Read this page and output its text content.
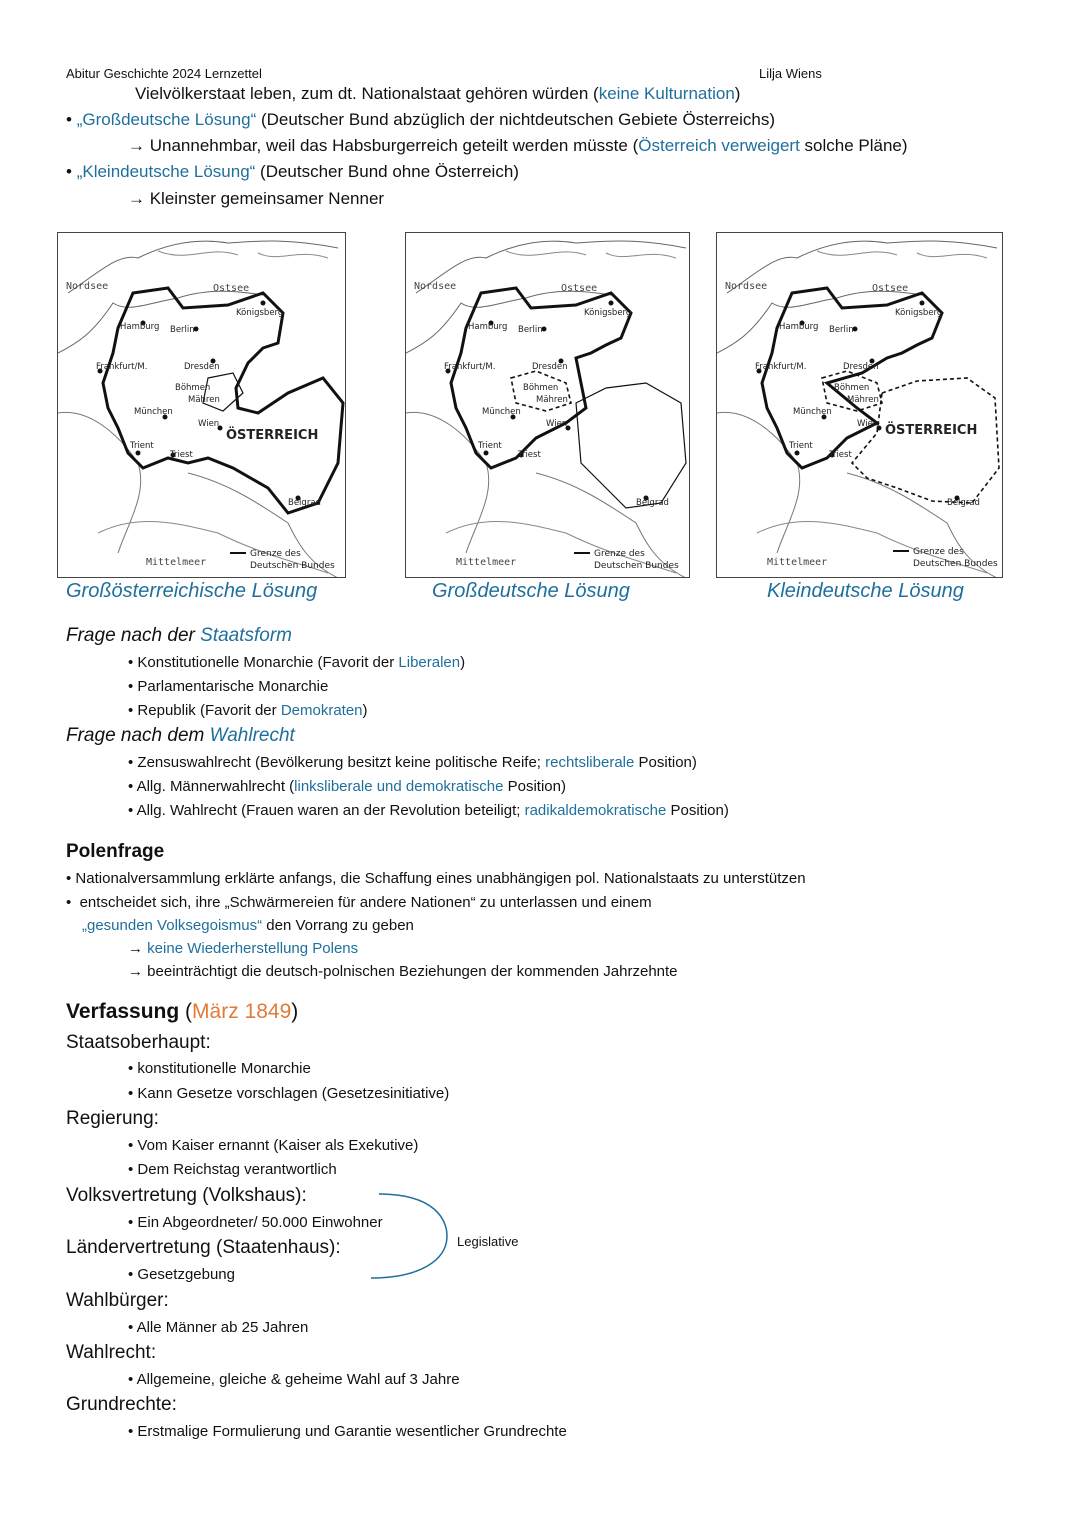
Abitur Geschichte 2024 Lernzettel	Lilja Wiens
Vielvölkerstaat leben, zum dt. Nationalstaat gehören würden (keine Kulturnation)
• „Großdeutsche Lösung“ (Deutscher Bund abzüglich der nichtdeutschen Gebiete Österreichs)
→ Unannehmbar, weil das Habsburgerreich geteilt werden müsste (Österreich verweigert solche Pläne)
• „Kleindeutsche Lösung“ (Deutscher Bund ohne Österreich)
→ Kleinster gemeinsamer Nenner
Nordsee	Ostsee
Mittelmeer
Königsberg
Hamburg Berlin
Frankfurt/M.	Dresden
Böhmen
Mähren
München
Wien
Trient
Triest
Belgrad
ÖSTERREICH
Grenze des
Deutschen Bundes
Nordsee	Ostsee
Mittelmeer
Königsberg
Hamburg Berlin
Frankfurt/M.	Dresden
Böhmen
Mähren
München
Wien
Trient
Triest
Belgrad
Grenze des
Deutschen Bundes
Nordsee	Ostsee
Mittelmeer
Königsberg
Hamburg Berlin
Frankfurt/M.	Dresden
Böhmen
Mähren
München
Wien
Trient
Triest
Belgrad
ÖSTERREICH
Grenze des
Deutschen Bundes
Großösterreichische Lösung	Großdeutsche Lösung	Kleindeutsche Lösung
Frage nach der Staatsform
• Konstitutionelle Monarchie (Favorit der Liberalen)
• Parlamentarische Monarchie
• Republik (Favorit der Demokraten)
Frage nach dem Wahlrecht
• Zensuswahlrecht (Bevölkerung besitzt keine politische Reife; rechtsliberale Position)
• Allg. Männerwahlrecht (linksliberale und demokratische Position)
• Allg. Wahlrecht (Frauen waren an der Revolution beteiligt; radikaldemokratische Position)
Polenfrage
• Nationalversammlung erklärte anfangs, die Schaffung eines unabhängigen pol. Nationalstaats zu unterstützen
•  entscheidet sich, ihre „Schwärmereien für andere Nationen“ zu unterlassen und einem
„gesunden Volksegoismus“ den Vorrang zu geben
→ keine Wiederherstellung Polens
→ beeinträchtigt die deutsch-polnischen Beziehungen der kommenden Jahrzehnte
Verfassung (März 1849)
Staatsoberhaupt:
• konstitutionelle Monarchie
• Kann Gesetze vorschlagen (Gesetzesinitiative)
Regierung:
• Vom Kaiser ernannt (Kaiser als Exekutive)
• Dem Reichstag verantwortlich
Volksvertretung (Volkshaus):
• Ein Abgeordneter/ 50.000 Einwohner
Ländervertretung (Staatenhaus):
• Gesetzgebung
Legislative
Wahlbürger:
• Alle Männer ab 25 Jahren
Wahlrecht:
• Allgemeine, gleiche & geheime Wahl auf 3 Jahre
Grundrechte:
• Erstmalige Formulierung und Garantie wesentlicher Grundrechte
